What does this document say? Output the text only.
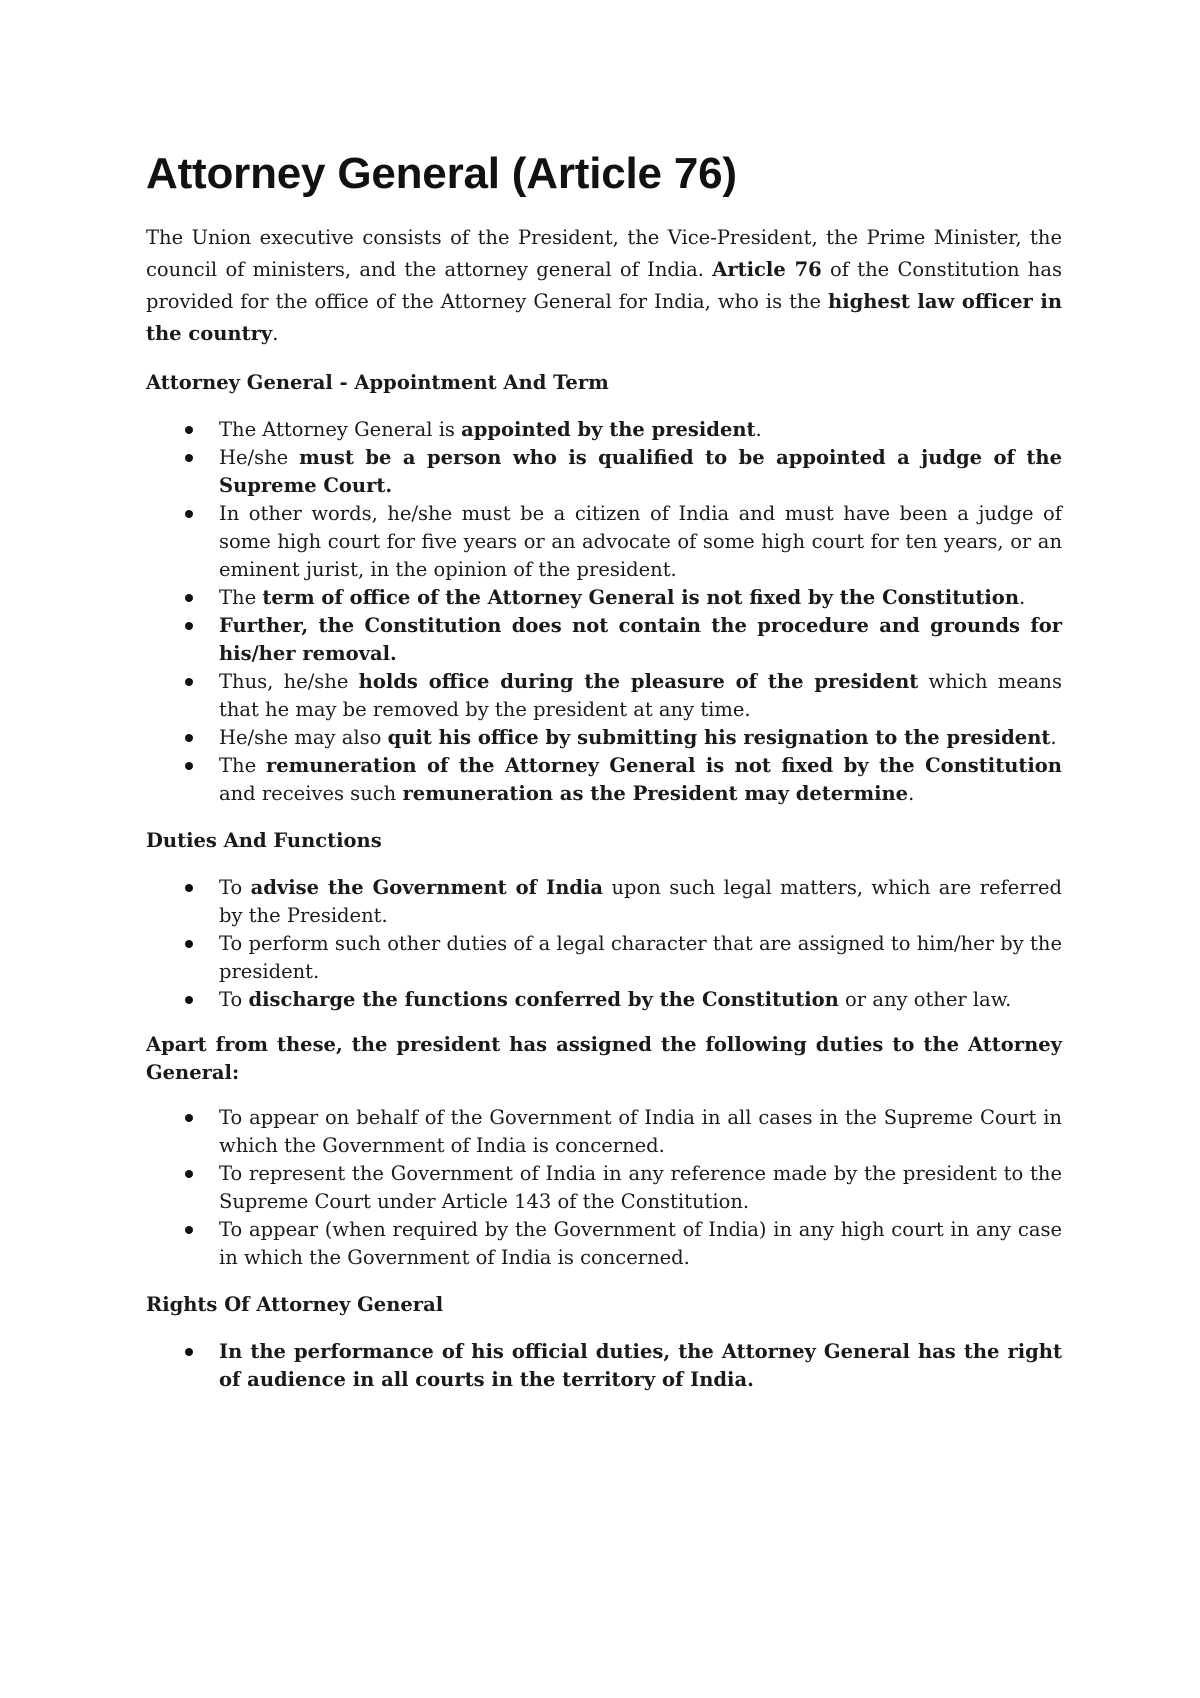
Attorney General (Article 76)

The Union executive consists of the President, the Vice-President, the Prime Minister, the council of ministers, and the attorney general of India. Article 76 of the Constitution has provided for the office of the Attorney General for India, who is the highest law officer in the country.

Attorney General - Appointment And Term

The Attorney General is appointed by the president.
He/she must be a person who is qualified to be appointed a judge of the Supreme Court.
In other words, he/she must be a citizen of India and must have been a judge of some high court for five years or an advocate of some high court for ten years, or an eminent jurist, in the opinion of the president.
The term of office of the Attorney General is not fixed by the Constitution.
Further, the Constitution does not contain the procedure and grounds for his/her removal.
Thus, he/she holds office during the pleasure of the president which means that he may be removed by the president at any time.
He/she may also quit his office by submitting his resignation to the president.
The remuneration of the Attorney General is not fixed by the Constitution and receives such remuneration as the President may determine.

Duties And Functions

To advise the Government of India upon such legal matters, which are referred by the President.
To perform such other duties of a legal character that are assigned to him/her by the president.
To discharge the functions conferred by the Constitution or any other law.

Apart from these, the president has assigned the following duties to the Attorney General:

To appear on behalf of the Government of India in all cases in the Supreme Court in which the Government of India is concerned.
To represent the Government of India in any reference made by the president to the Supreme Court under Article 143 of the Constitution.
To appear (when required by the Government of India) in any high court in any case in which the Government of India is concerned.

Rights Of Attorney General

In the performance of his official duties, the Attorney General has the right of audience in all courts in the territory of India.
